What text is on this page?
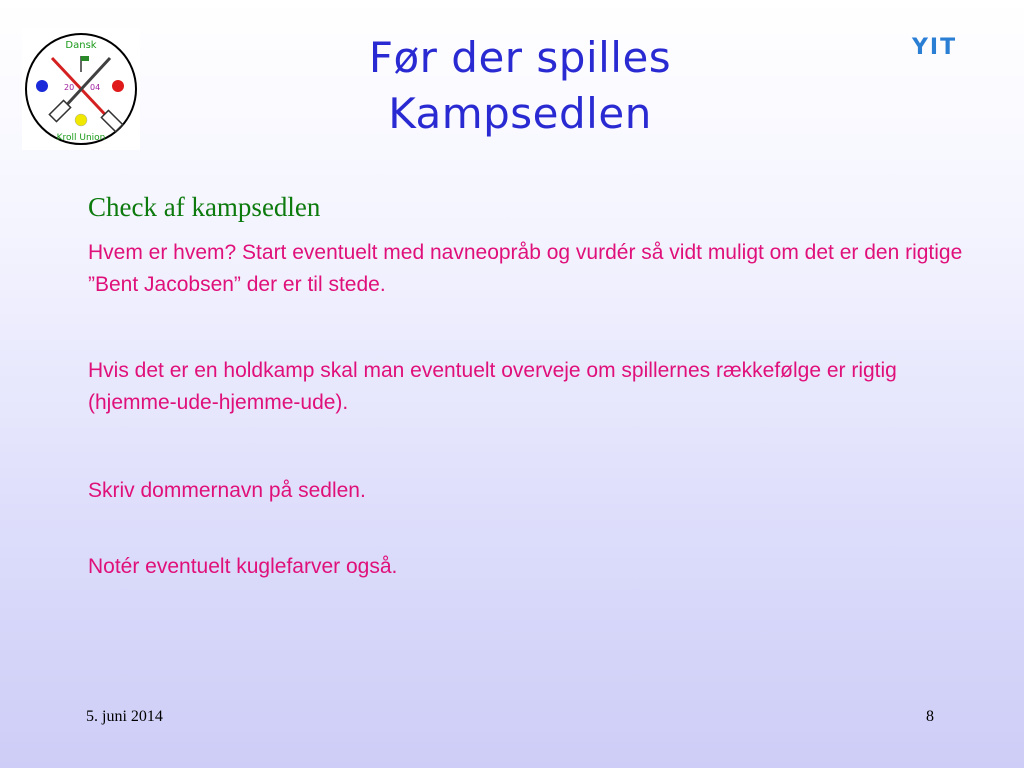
20 04
Dansk
Kroll Union
YIT
Før der spilles
Kampsedlen
Check af kampsedlen
Hvem er hvem? Start eventuelt med navneopråb og vurdér så vidt muligt om det er den rigtige ”Bent Jacobsen” der er til stede.
Hvis det er en holdkamp skal man eventuelt overveje om spillernes rækkefølge er rigtig (hjemme-ude-hjemme-ude).
Skriv dommernavn på sedlen.
Notér eventuelt kuglefarver også.
5. juni 2014	8
